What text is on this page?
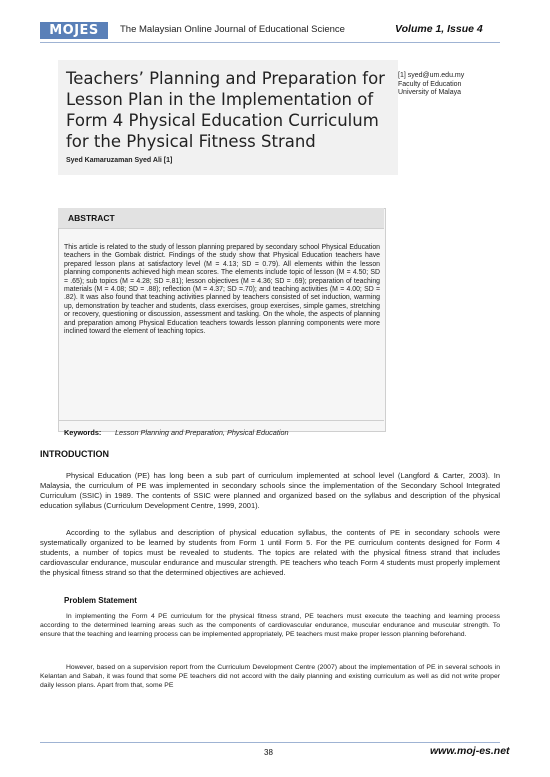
MOJES	The Malaysian Online Journal of Educational Science	Volume 1, Issue 4
Teachers’ Planning and Preparation for Lesson Plan in the Implementation of Form 4 Physical Education Curriculum for the Physical Fitness Strand
Syed Kamaruzaman Syed Ali [1]
[1] syed@um.edu.my
Faculty of Education
University of Malaya
ABSTRACT
This article is related to the study of lesson planning prepared by secondary school Physical Education teachers in the Gombak district. Findings of the study show that Physical Education teachers have prepared lesson plans at satisfactory level (M = 4.13; SD = 0.79). All elements within the lesson planning components achieved high mean scores. The elements include topic of lesson (M = 4.50; SD = .65); sub topics (M = 4.28; SD =.81); lesson objectives (M = 4.36; SD = .69); preparation of teaching materials (M = 4.08; SD = .88); reflection (M = 4.37; SD =.70); and teaching activities (M = 4.00; SD = .82). It was also found that teaching activities planned by teachers consisted of set induction, warming up, demonstration by teacher and students, class exercises, group exercises, simple games, stretching or recovery, questioning or discussion, assessment and tasking. On the whole, the aspects of planning and preparation among Physical Education teachers towards lesson planning components were more inclined toward the element of teaching topics.
Keywords: Lesson Planning and Preparation, Physical Education
INTRODUCTION
Physical Education (PE) has long been a sub part of curriculum implemented at school level (Langford & Carter, 2003). In Malaysia, the curriculum of PE was implemented in secondary schools since the implementation of the Secondary School Integrated Curriculum (SSIC) in 1989. The contents of SSIC were planned and organized based on the syllabus and description of the physical education syllabus (Curriculum Development Centre, 1999, 2001).
According to the syllabus and description of physical education syllabus, the contents of PE in secondary schools were systematically organized to be learned by students from Form 1 until Form 5. For the PE curriculum contents designed for Form 4 students, a number of topics must be revealed to students. The topics are related with the physical fitness strand that includes cardiovascular endurance, muscular endurance and muscular strength. PE teachers who teach Form 4 students must properly implement the physical fitness strand so that the determined objectives are achieved.
Problem Statement
In implementing the Form 4 PE curriculum for the physical fitness strand, PE teachers must execute the teaching and learning process according to the determined learning areas such as the components of cardiovascular endurance, muscular endurance and muscular strength. To ensure that the teaching and learning process can be implemented appropriately, PE teachers must make proper lesson planning beforehand.
However, based on a supervision report from the Curriculum Development Centre (2007) about the implementation of PE in several schools in Kelantan and Sabah, it was found that some PE teachers did not accord with the daily planning and existing curriculum as well as did not write proper daily lesson plans. Apart from that, some PE
38	www.moj-es.net
